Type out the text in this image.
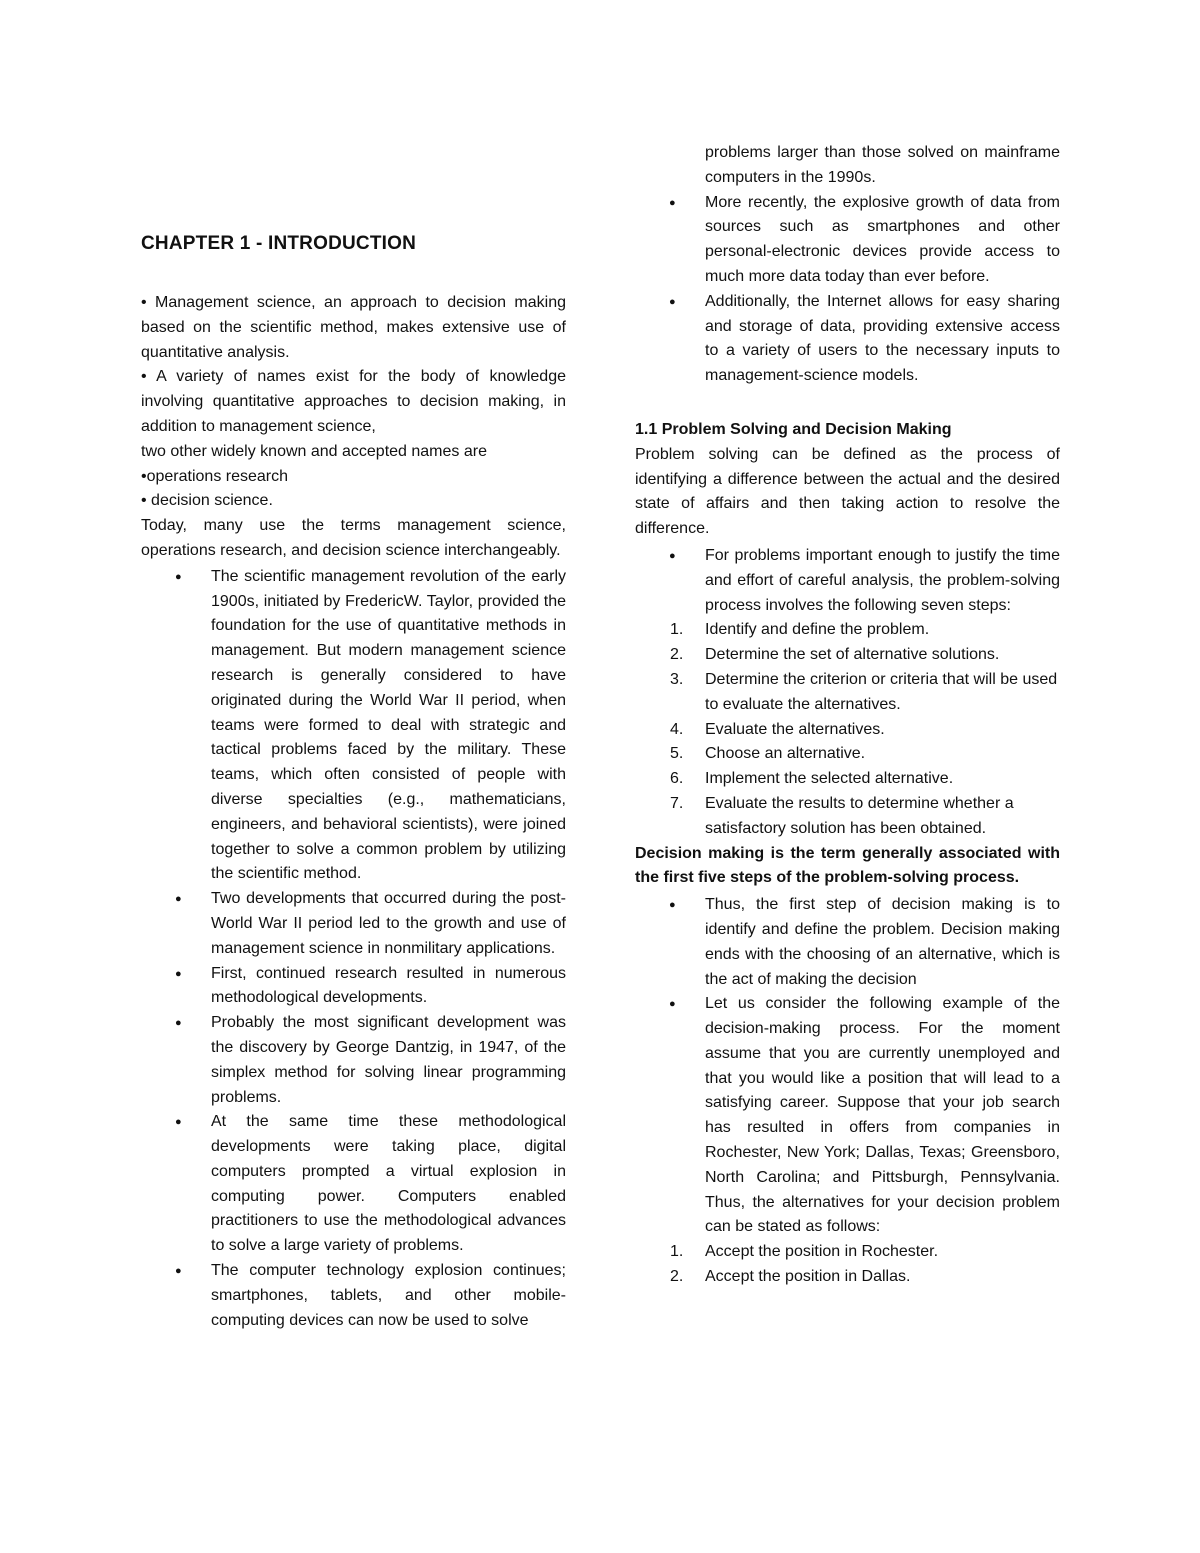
CHAPTER 1 - INTRODUCTION

• Management science, an approach to decision making based on the scientific method, makes extensive use of quantitative analysis.

• A variety of names exist for the body of knowledge involving quantitative approaches to decision making, in addition to management science,

two other widely known and accepted names are

•operations research

• decision science.

Today, many use the terms management science, operations research, and decision science interchangeably.

● The scientific management revolution of the early 1900s, initiated by FredericW. Taylor, provided the foundation for the use of quantitative methods in management. But modern management science research is generally considered to have originated during the World War II period, when teams were formed to deal with strategic and tactical problems faced by the military. These teams, which often consisted of people with diverse specialties (e.g., mathematicians, engineers, and behavioral scientists), were joined together to solve a common problem by utilizing the scientific method.
● Two developments that occurred during the post-World War II period led to the growth and use of management science in nonmilitary applications.
● First, continued research resulted in numerous methodological developments.
● Probably the most significant development was the discovery by George Dantzig, in 1947, of the simplex method for solving linear programming problems.
● At the same time these methodological developments were taking place, digital computers prompted a virtual explosion in computing power. Computers enabled practitioners to use the methodological advances to solve a large variety of problems.
● The computer technology explosion continues; smartphones, tablets, and other mobile-computing devices can now be used to solve

problems larger than those solved on mainframe computers in the 1990s.

● More recently, the explosive growth of data from sources such as smartphones and other personal-electronic devices provide access to much more data today than ever before.
● Additionally, the Internet allows for easy sharing and storage of data, providing extensive access to a variety of users to the necessary inputs to management-science models.

1.1 Problem Solving and Decision Making

Problem solving can be defined as the process of identifying a difference between the actual and the desired state of affairs and then taking action to resolve the difference.

● For problems important enough to justify the time and effort of careful analysis, the problem-solving process involves the following seven steps:
1. Identify and define the problem.
2. Determine the set of alternative solutions.
3. Determine the criterion or criteria that will be used to evaluate the alternatives.
4. Evaluate the alternatives.
5. Choose an alternative.
6. Implement the selected alternative.
7. Evaluate the results to determine whether a satisfactory solution has been obtained.

Decision making is the term generally associated with the first five steps of the problem-solving process.

● Thus, the first step of decision making is to identify and define the problem. Decision making ends with the choosing of an alternative, which is the act of making the decision
● Let us consider the following example of the decision-making process. For the moment assume that you are currently unemployed and that you would like a position that will lead to a satisfying career. Suppose that your job search has resulted in offers from companies in Rochester, New York; Dallas, Texas; Greensboro, North Carolina; and Pittsburgh, Pennsylvania. Thus, the alternatives for your decision problem can be stated as follows:
1. Accept the position in Rochester.
2. Accept the position in Dallas.
